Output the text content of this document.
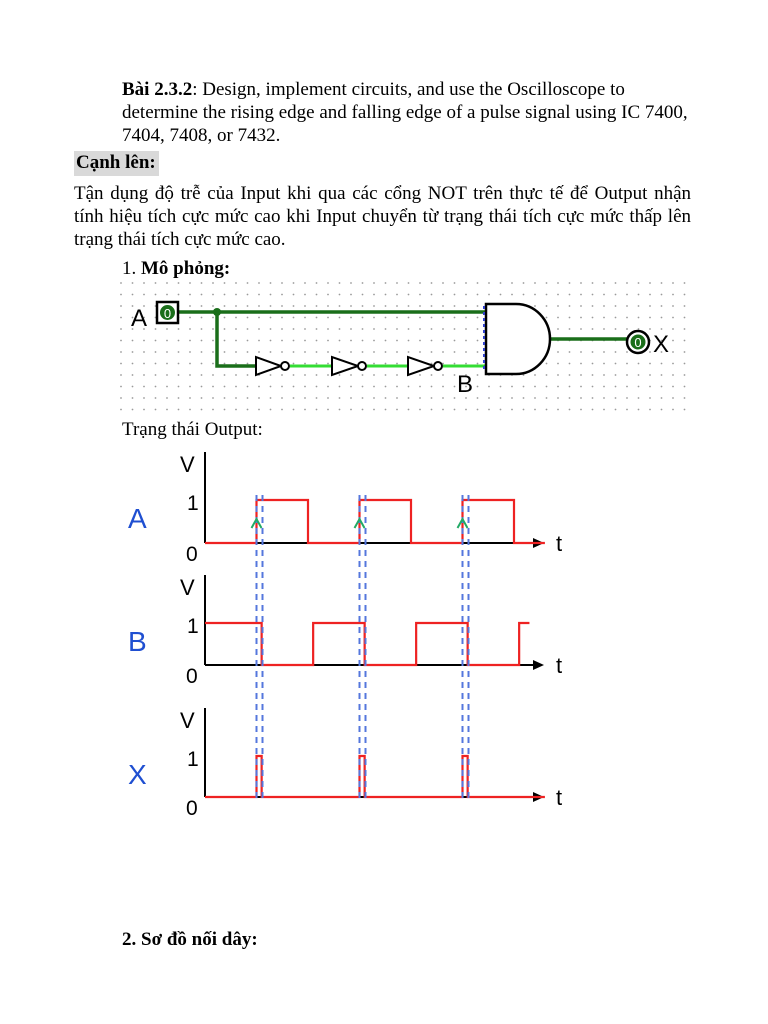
Bài 2.3.2: Design, implement circuits, and use the Oscilloscope to determine the rising edge and falling edge of a pulse signal using IC 7400, 7404, 7408, or 7432.
Cạnh lên:
Tận dụng độ trễ của Input khi qua các cổng NOT trên thực tế để Output nhận tính hiệu tích cực mức cao khi Input chuyển từ trạng thái tích cực mức thấp lên trạng thái tích cực mức cao.
1. Mô phỏng:
A 0
B
0 X
Trạng thái Output:
A
V
1
0	t
B
V
1
0	t
X
V
1
0	t
2. Sơ đồ nối dây:
